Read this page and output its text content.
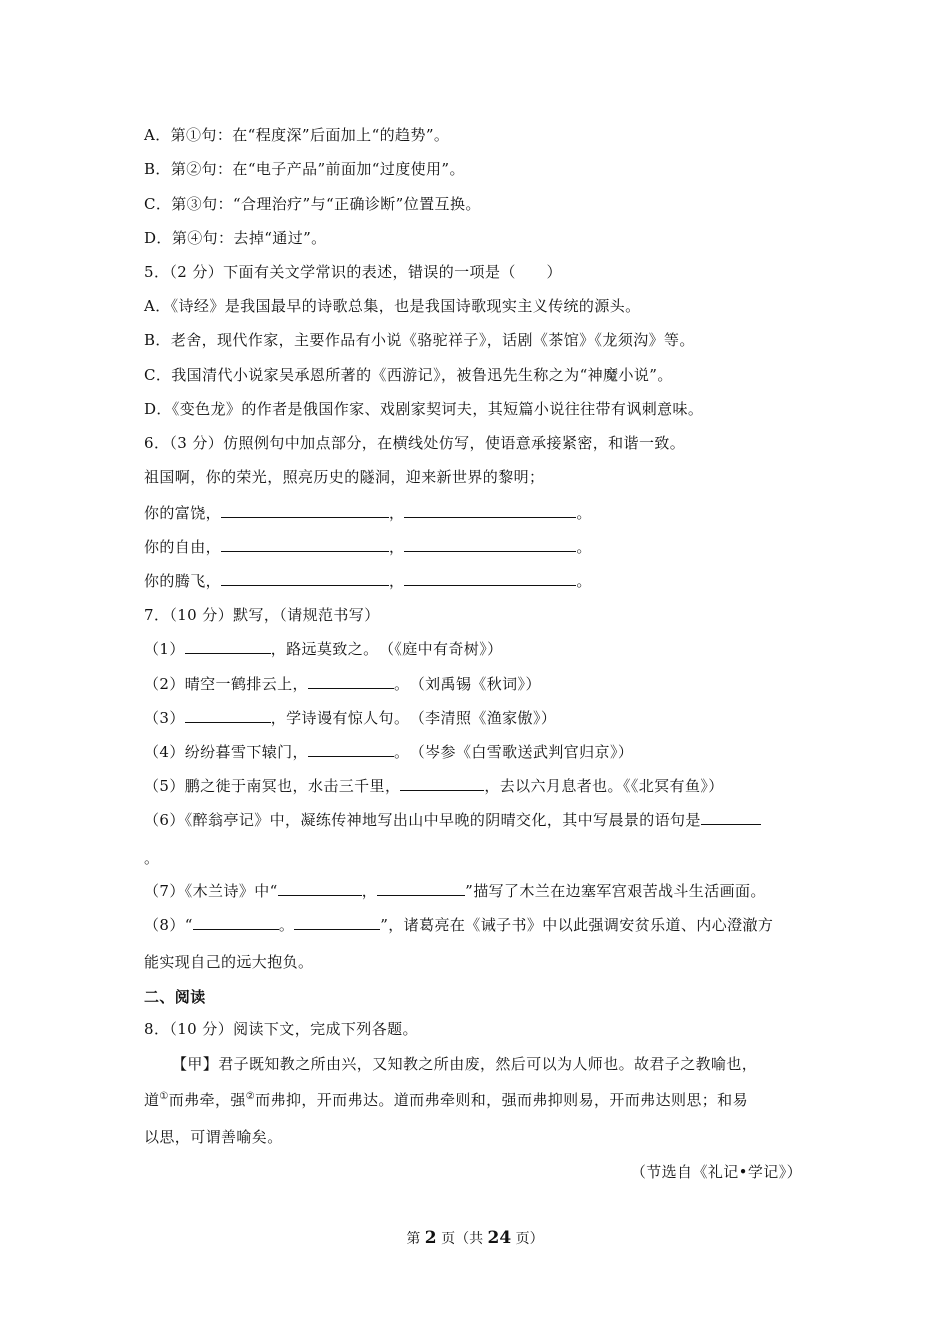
A．第①句：在“程度深”后面加上“的趋势”。
B．第②句：在“电子产品”前面加“过度使用”。
C．第③句：“合理治疗”与“正确诊断”位置互换。
D．第④句：去掉“通过”。
5．（2 分）下面有关文学常识的表述，错误的一项是（　　）
A．《诗经》是我国最早的诗歌总集，也是我国诗歌现实主义传统的源头。
B．老舍，现代作家，主要作品有小说《骆驼祥子》，话剧《茶馆》《龙须沟》等。
C．我国清代小说家吴承恩所著的《西游记》，被鲁迅先生称之为“神魔小说”。
D．《变色龙》的作者是俄国作家、戏剧家契诃夫，其短篇小说往往带有讽刺意味。
6．（3 分）仿照例句中加点部分，在横线处仿写，使语意承接紧密，和谐一致。
祖国啊，你的荣光，照亮历史的隧洞，迎来新世界的黎明；
你的富饶，	，	。
你的自由，	，	。
你的腾飞，	，	。
7．（10 分）默写，（请规范书写）
（1）	，路远莫致之。　（《庭中有奇树》）
（2）晴空一鹤排云上，	。　（刘禹锡《秋词》）
（3）	，学诗谩有惊人句。　（李清照《渔家傲》）
（4）纷纷暮雪下辕门，	。　（岑参《白雪歌送武判官归京》）
（5）鹏之徙于南冥也，水击三千里，	，去以六月息者也。《《北冥有鱼》）
（6）《醉翁亭记》中，凝练传神地写出山中早晚的阴晴交化，其中写晨景的语句是
。
（7）《木兰诗》中“	，	”描写了木兰在边塞军宫艰苦战斗生活画面。
（8）“	。	”，诸葛亮在《诫子书》中以此强调安贫乐道、内心澄澈方
能实现自己的远大抱负。
二、阅读
8．（10 分）阅读下文，完成下列各题。
【甲】君子既知教之所由兴，又知教之所由废，然后可以为人师也。故君子之教喻也，
道①而弗牵，强②而弗抑，开而弗达。道而弗牵则和，强而弗抑则易，开而弗达则思；和易
以思，可谓善喻矣。
（节选自《礼记•学记》）
第 2 页（共 24 页）
